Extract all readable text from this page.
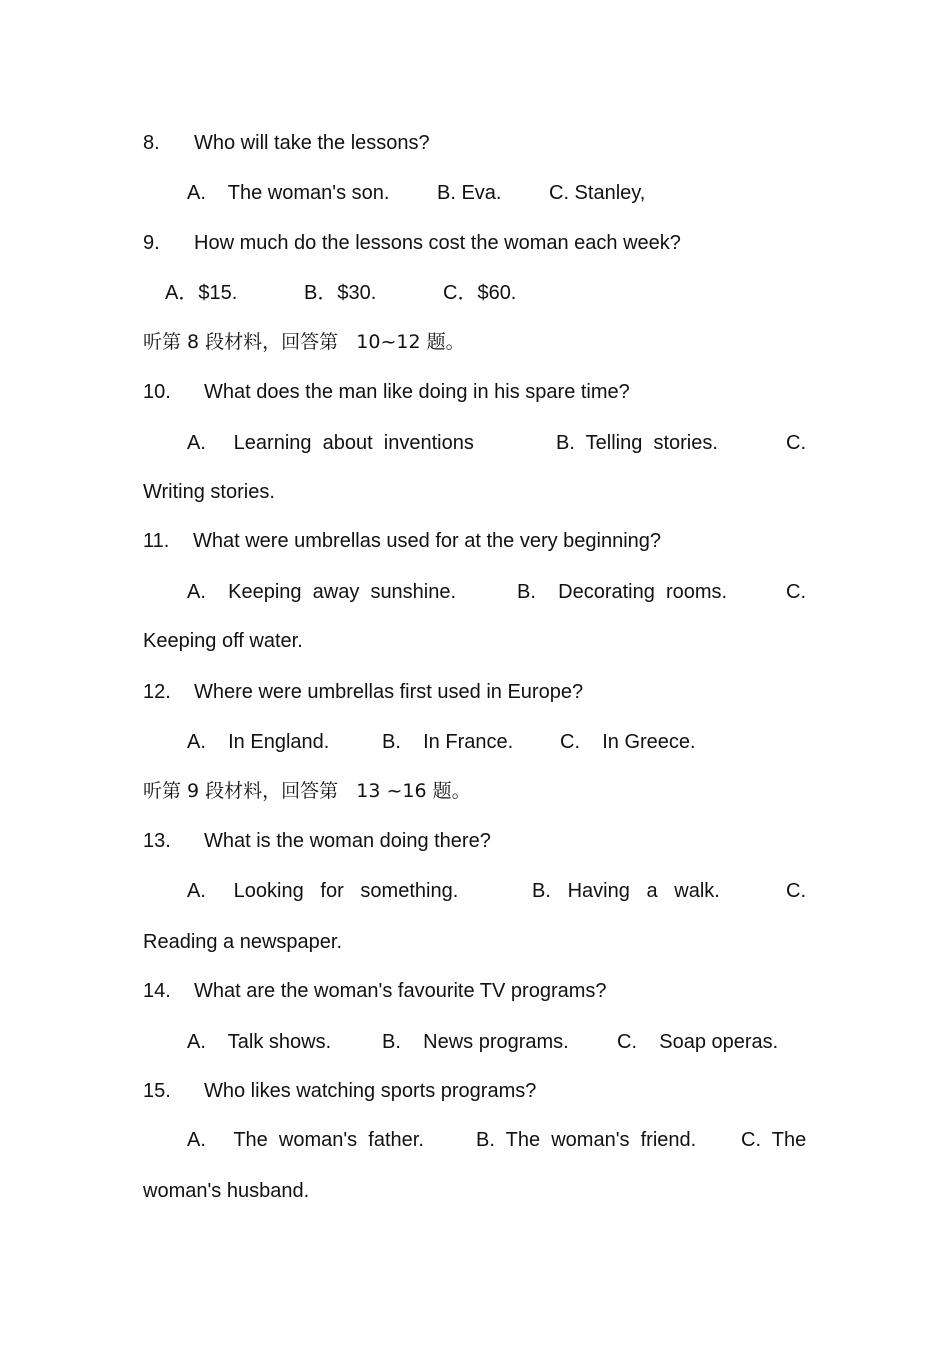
8. Who will take the lessons?
A.    The woman's son. B. Eva. C. Stanley,
9. How much do the lessons cost the woman each week?
A．$15.	B．$30.	C．$60.
听第 8 段材料，回答第   10~12 题。
10. What does the man like doing in his spare time?
A.     Learning  about  inventions	B.  Telling  stories.	C.
Writing stories.
11. What were umbrellas used for at the very beginning?
A.    Keeping  away  sunshine.	B.    Decorating  rooms.	C.
Keeping off water.
12. Where were umbrellas first used in Europe?
A.    In England.	B.    In France. C.    In Greece.
听第 9 段材料，回答第   13 ~16 题。
13. What is the woman doing there?
A.     Looking   for   something.	B.   Having   a   walk.	C.
Reading a newspaper.
14. What are the woman's favourite TV programs?
A.    Talk shows.	B.    News programs. C.    Soap operas.
15. Who likes watching sports programs?
A.     The  woman's  father.	B.  The  woman's  friend. C.  The
woman's husband.
